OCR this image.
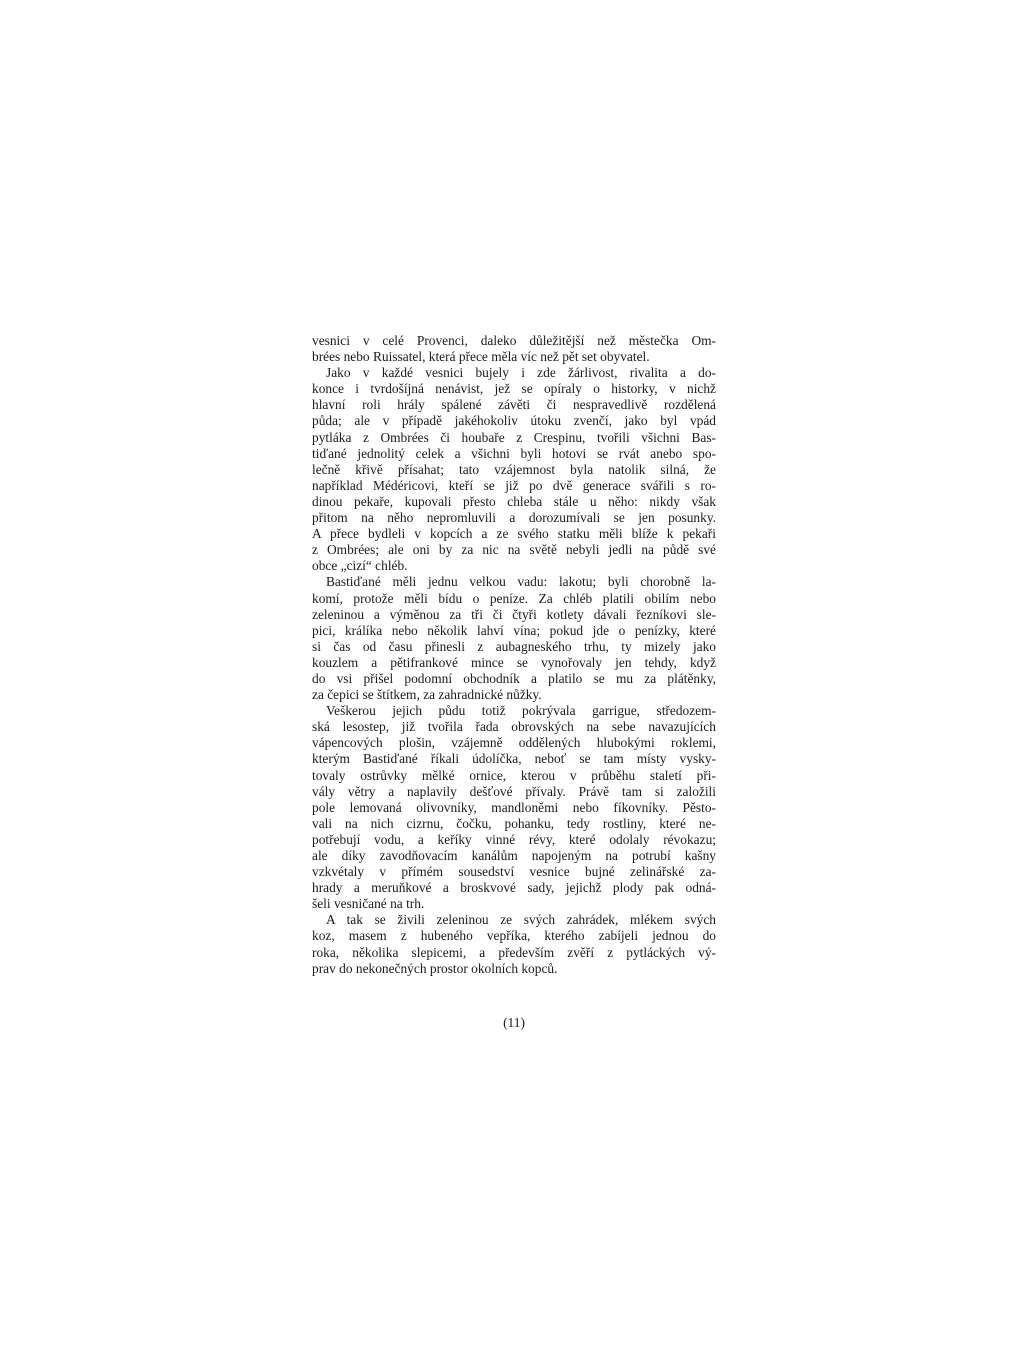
vesnici v celé Provenci, daleko důležitější než městečka Om-
brées nebo Ruissatel, která přece měla víc než pět set obyvatel.
Jako v každé vesnici bujely i zde žárlivost, rivalita a do-
konce i tvrdošíjná nenávist, jež se opíraly o historky, v nichž
hlavní roli hrály spálené závěti či nespravedlivě rozdělená
půda; ale v případě jakéhokoliv útoku zvenčí, jako byl vpád
pytláka z Ombrées či houbaře z Crespinu, tvořili všichni Bas-
tiďané jednolitý celek a všichni byli hotovi se rvát anebo spo-
lečně křivě přísahat; tato vzájemnost byla natolik silná, že
například Médéricovi, kteří se již po dvě generace svářili s ro-
dinou pekaře, kupovali přesto chleba stále u něho: nikdy však
přitom na něho nepromluvili a dorozumívali se jen posunky.
A přece bydleli v kopcích a ze svého statku měli blíže k pekaři
z Ombrées; ale oni by za nic na světě nebyli jedli na půdě své
obce „cizí“ chléb.
Bastiďané měli jednu velkou vadu: lakotu; byli chorobně la-
komí, protože měli bídu o peníze. Za chléb platili obilím nebo
zeleninou a výměnou za tři či čtyři kotlety dávali řezníkovi sle-
pici, králíka nebo několik lahví vína; pokud jde o penízky, které
si čas od času přinesli z aubagneského trhu, ty mizely jako
kouzlem a pětifrankové mince se vynořovaly jen tehdy, když
do vsi přišel podomní obchodník a platilo se mu za plátěnky,
za čepici se štítkem, za zahradnické nůžky.
Veškerou jejich půdu totiž pokrývala garrigue, středozem-
ská lesostep, již tvořila řada obrovských na sebe navazujících
vápencových plošin, vzájemně oddělených hlubokými roklemi,
kterým Bastiďané říkali údolíčka, neboť se tam místy vysky-
tovaly ostrůvky mělké ornice, kterou v průběhu staletí při-
vály větry a naplavily dešťové přívaly. Právě tam si založili
pole lemovaná olivovníky, mandloněmi nebo fíkovníky. Pěsto-
vali na nich cizrnu, čočku, pohanku, tedy rostliny, které ne-
potřebují vodu, a keříky vinné révy, které odolaly révokazu;
ale díky zavodňovacím kanálům napojeným na potrubí kašny
vzkvétaly v přímém sousedství vesnice bujné zelinářské za-
hrady a meruňkové a broskvové sady, jejichž plody pak odná-
šeli vesničané na trh.
A tak se živili zeleninou ze svých zahrádek, mlékem svých
koz, masem z hubeného vepříka, kterého zabíjeli jednou do
roka, několika slepicemi, a především zvěří z pytláckých vý-
prav do nekonečných prostor okolních kopců.
(11)
